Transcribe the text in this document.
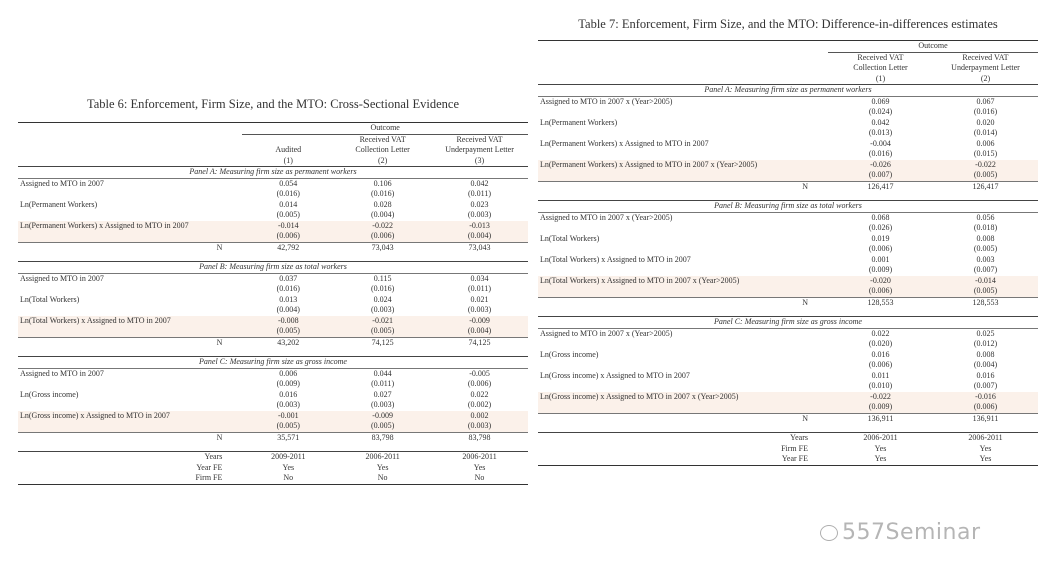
Table 6: Enforcement, Firm Size, and the MTO: Cross-Sectional Evidence
	Outcome		
		Received VAT	Received VAT
	Audited	Collection Letter	Underpayment Letter
	(1)	(2)	(3)
Panel A: Measuring firm size as permanent workers			
Assigned to MTO in 2007	0.054	0.106	0.042
	(0.016)	(0.016)	(0.011)
Ln(Permanent Workers)	0.014	0.028	0.023
	(0.005)	(0.004)	(0.003)
Ln(Permanent Workers) x Assigned to MTO in 2007	-0.014	-0.022	-0.013
	(0.006)	(0.006)	(0.004)
N	42,792	73,043	73,043

Panel B: Measuring firm size as total workers			
Assigned to MTO in 2007	0.037	0.115	0.034
	(0.016)	(0.016)	(0.011)
Ln(Total Workers)	0.013	0.024	0.021
	(0.004)	(0.003)	(0.003)
Ln(Total Workers) x Assigned to MTO in 2007	-0.008	-0.021	-0.009
	(0.005)	(0.005)	(0.004)
N	43,202	74,125	74,125

Panel C: Measuring firm size as gross income			
Assigned to MTO in 2007	0.006	0.044	-0.005
	(0.009)	(0.011)	(0.006)
Ln(Gross income)	0.016	0.027	0.022
	(0.003)	(0.003)	(0.002)
Ln(Gross income) x Assigned to MTO in 2007	-0.001	-0.009	0.002
	(0.005)	(0.005)	(0.003)
N	35,571	83,798	83,798

Years	2009-2011	2006-2011	2006-2011
Year FE	Yes	Yes	Yes
Firm FE	No	No	No
Table 7: Enforcement, Firm Size, and the MTO: Difference-in-differences estimates
	Outcome	
	Received VAT	Received VAT
	Collection Letter	Underpayment Letter
	(1)	(2)
Panel A: Measuring firm size as permanent workers		
Assigned to MTO in 2007 x (Year>2005)	0.069	0.067
	(0.024)	(0.016)
Ln(Permanent Workers)	0.042	0.020
	(0.013)	(0.014)
Ln(Permanent Workers) x Assigned to MTO in 2007	-0.004	0.006
	(0.016)	(0.015)
Ln(Permanent Workers) x Assigned to MTO in 2007 x (Year>2005)	-0.026	-0.022
	(0.007)	(0.005)
N	126,417	126,417

Panel B: Measuring firm size as total workers		
Assigned to MTO in 2007 x (Year>2005)	0.068	0.056
	(0.026)	(0.018)
Ln(Total Workers)	0.019	0.008
	(0.006)	(0.005)
Ln(Total Workers) x Assigned to MTO in 2007	0.001	0.003
	(0.009)	(0.007)
Ln(Total Workers) x Assigned to MTO in 2007 x (Year>2005)	-0.020	-0.014
	(0.006)	(0.005)
N	128,553	128,553

Panel C: Measuring firm size as gross income		
Assigned to MTO in 2007 x (Year>2005)	0.022	0.025
	(0.020)	(0.012)
Ln(Gross income)	0.016	0.008
	(0.006)	(0.004)
Ln(Gross income) x Assigned to MTO in 2007	0.011	0.016
	(0.010)	(0.007)
Ln(Gross income) x Assigned to MTO in 2007 x (Year>2005)	-0.022	-0.016
	(0.009)	(0.006)
N	136,911	136,911

Years	2006-2011	2006-2011
Firm FE	Yes	Yes
Year FE	Yes	Yes
557Seminar
